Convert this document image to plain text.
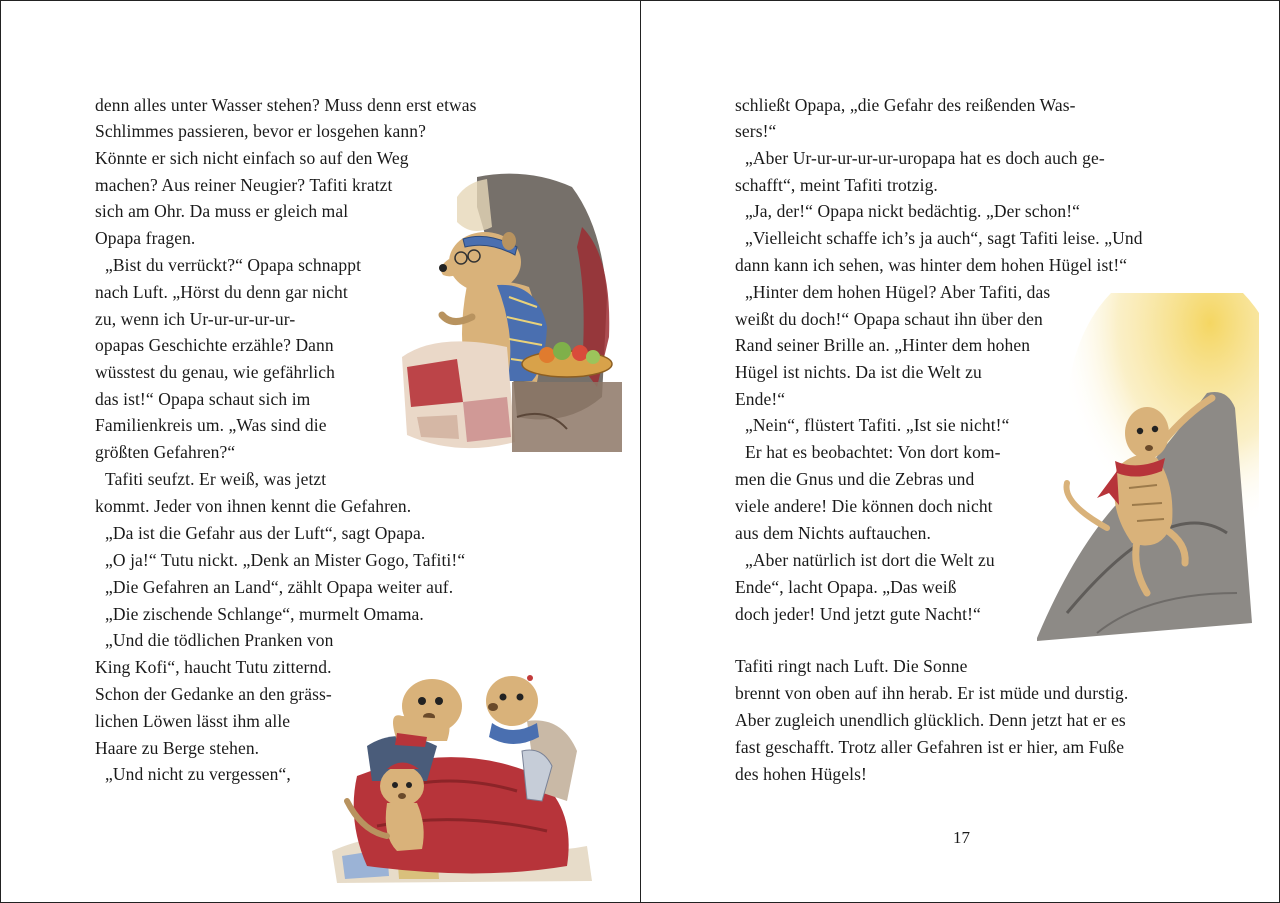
denn alles unter Wasser stehen? Muss denn erst etwas
Schlimmes passieren, bevor er losgehen kann?
Könnte er sich nicht einfach so auf den Weg
machen? Aus reiner Neugier? Tafiti kratzt
sich am Ohr. Da muss er gleich mal
Opapa fragen.
„Bist du verrückt?“ Opapa schnappt
nach Luft. „Hörst du denn gar nicht
zu, wenn ich Ur-ur-ur-ur-ur-
opapas Geschichte erzähle? Dann
wüsstest du genau, wie gefährlich
das ist!“ Opapa schaut sich im
Familienkreis um. „Was sind die
größten Gefahren?“
Tafiti seufzt. Er weiß, was jetzt
kommt. Jeder von ihnen kennt die Gefahren.
„Da ist die Gefahr aus der Luft“, sagt Opapa.
„O ja!“ Tutu nickt. „Denk an Mister Gogo, Tafiti!“
„Die Gefahren an Land“, zählt Opapa weiter auf.
„Die zischende Schlange“, murmelt Omama.
„Und die tödlichen Pranken von
King Kofi“, haucht Tutu zitternd.
Schon der Gedanke an den gräss-
lichen Löwen lässt ihm alle
Haare zu Berge stehen.
„Und nicht zu vergessen“,
schließt Opapa, „die Gefahr des reißenden Was-
sers!“
„Aber Ur-ur-ur-ur-ur-uropapa hat es doch auch ge-
schafft“, meint Tafiti trotzig.
„Ja, der!“ Opapa nickt bedächtig. „Der schon!“
„Vielleicht schaffe ich’s ja auch“, sagt Tafiti leise. „Und
dann kann ich sehen, was hinter dem hohen Hügel ist!“
„Hinter dem hohen Hügel? Aber Tafiti, das
weißt du doch!“ Opapa schaut ihn über den
Rand seiner Brille an. „Hinter dem hohen
Hügel ist nichts. Da ist die Welt zu
Ende!“
„Nein“, flüstert Tafiti. „Ist sie nicht!“
Er hat es beobachtet: Von dort kom-
men die Gnus und die Zebras und
viele andere! Die können doch nicht
aus dem Nichts auftauchen.
„Aber natürlich ist dort die Welt zu
Ende“, lacht Opapa. „Das weiß
doch jeder! Und jetzt gute Nacht!“
Tafiti ringt nach Luft. Die Sonne
brennt von oben auf ihn herab. Er ist müde und durstig.
Aber zugleich unendlich glücklich. Denn jetzt hat er es
fast geschafft. Trotz aller Gefahren ist er hier, am Fuße
des hohen Hügels!
17
